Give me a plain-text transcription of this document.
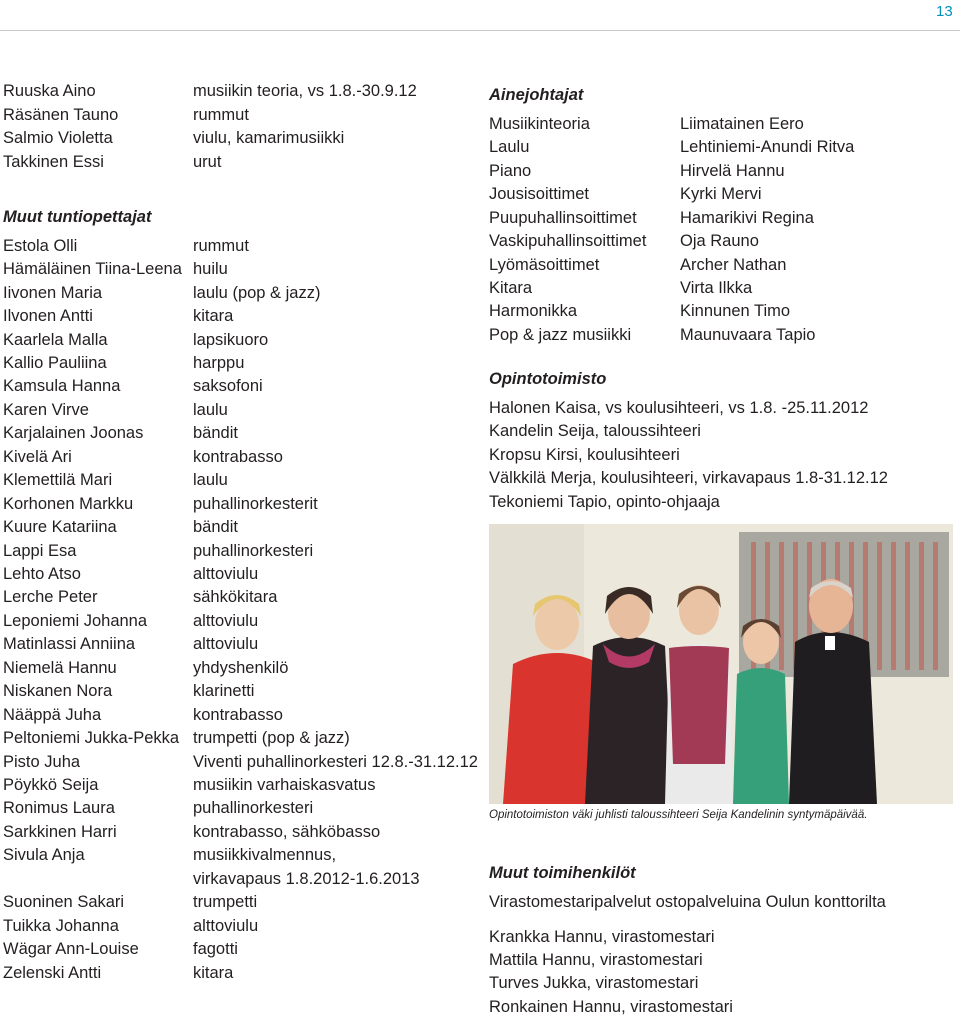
13
Ruuska Aino	musiikin teoria, vs 1.8.-30.9.12
Räsänen Tauno	rummut
Salmio Violetta	viulu, kamarimusiikki
Takkinen Essi	urut
Muut tuntiopettajat
Estola Olli	rummut
Hämäläinen Tiina-Leena huilu
Iivonen Maria	laulu (pop & jazz)
Ilvonen Antti	kitara
Kaarlela Malla	lapsikuoro
Kallio Pauliina	harppu
Kamsula Hanna	saksofoni
Karen Virve	laulu
Karjalainen Joonas	bändit
Kivelä Ari	kontrabasso
Klemettilä Mari	laulu
Korhonen Markku	puhallinorkesterit
Kuure Katariina	bändit
Lappi Esa	puhallinorkesteri
Lehto Atso	alttoviulu
Lerche Peter	sähkökitara
Leponiemi Johanna	alttoviulu
Matinlassi Anniina	alttoviulu
Niemelä Hannu	yhdyshenkilö
Niskanen Nora	klarinetti
Nääppä Juha	kontrabasso
Peltoniemi Jukka-Pekka trumpetti (pop & jazz)
Pisto Juha	Viventi puhallinorkesteri 12.8.-31.12.12
Pöykkö Seija	musiikin varhaiskasvatus
Ronimus Laura	puhallinorkesteri
Sarkkinen Harri	kontrabasso, sähköbasso
Sivula Anja	musiikkivalmennus,
virkavapaus 1.8.2012-1.6.2013
Suoninen Sakari	trumpetti
Tuikka Johanna	alttoviulu
Wägar Ann-Louise	fagotti
Zelenski Antti	kitara
Ainejohtajat
Musiikinteoria	Liimatainen Eero
Laulu	Lehtiniemi-Anundi Ritva
Piano	Hirvelä Hannu
Jousisoittimet	Kyrki Mervi
Puupuhallinsoittimet	Hamarikivi Regina
Vaskipuhallinsoittimet Oja Rauno
Lyömäsoittimet	Archer Nathan
Kitara	Virta Ilkka
Harmonikka	Kinnunen Timo
Pop & jazz musiikki	Maunuvaara Tapio
Opintotoimisto
Halonen Kaisa, vs koulusihteeri, vs 1.8. -25.11.2012
Kandelin Seija, taloussihteeri
Kropsu Kirsi, koulusihteeri
Välkkilä Merja, koulusihteeri, virkavapaus 1.8-31.12.12
Tekoniemi Tapio, opinto-ohjaaja
Opintotoimiston väki juhlisti taloussihteeri Seija Kandelinin syntymäpäivää.
Muut toimihenkilöt
Virastomestaripalvelut ostopalveluina Oulun konttorilta
Krankka Hannu, virastomestari
Mattila Hannu, virastomestari
Turves Jukka, virastomestari
Ronkainen Hannu, virastomestari
